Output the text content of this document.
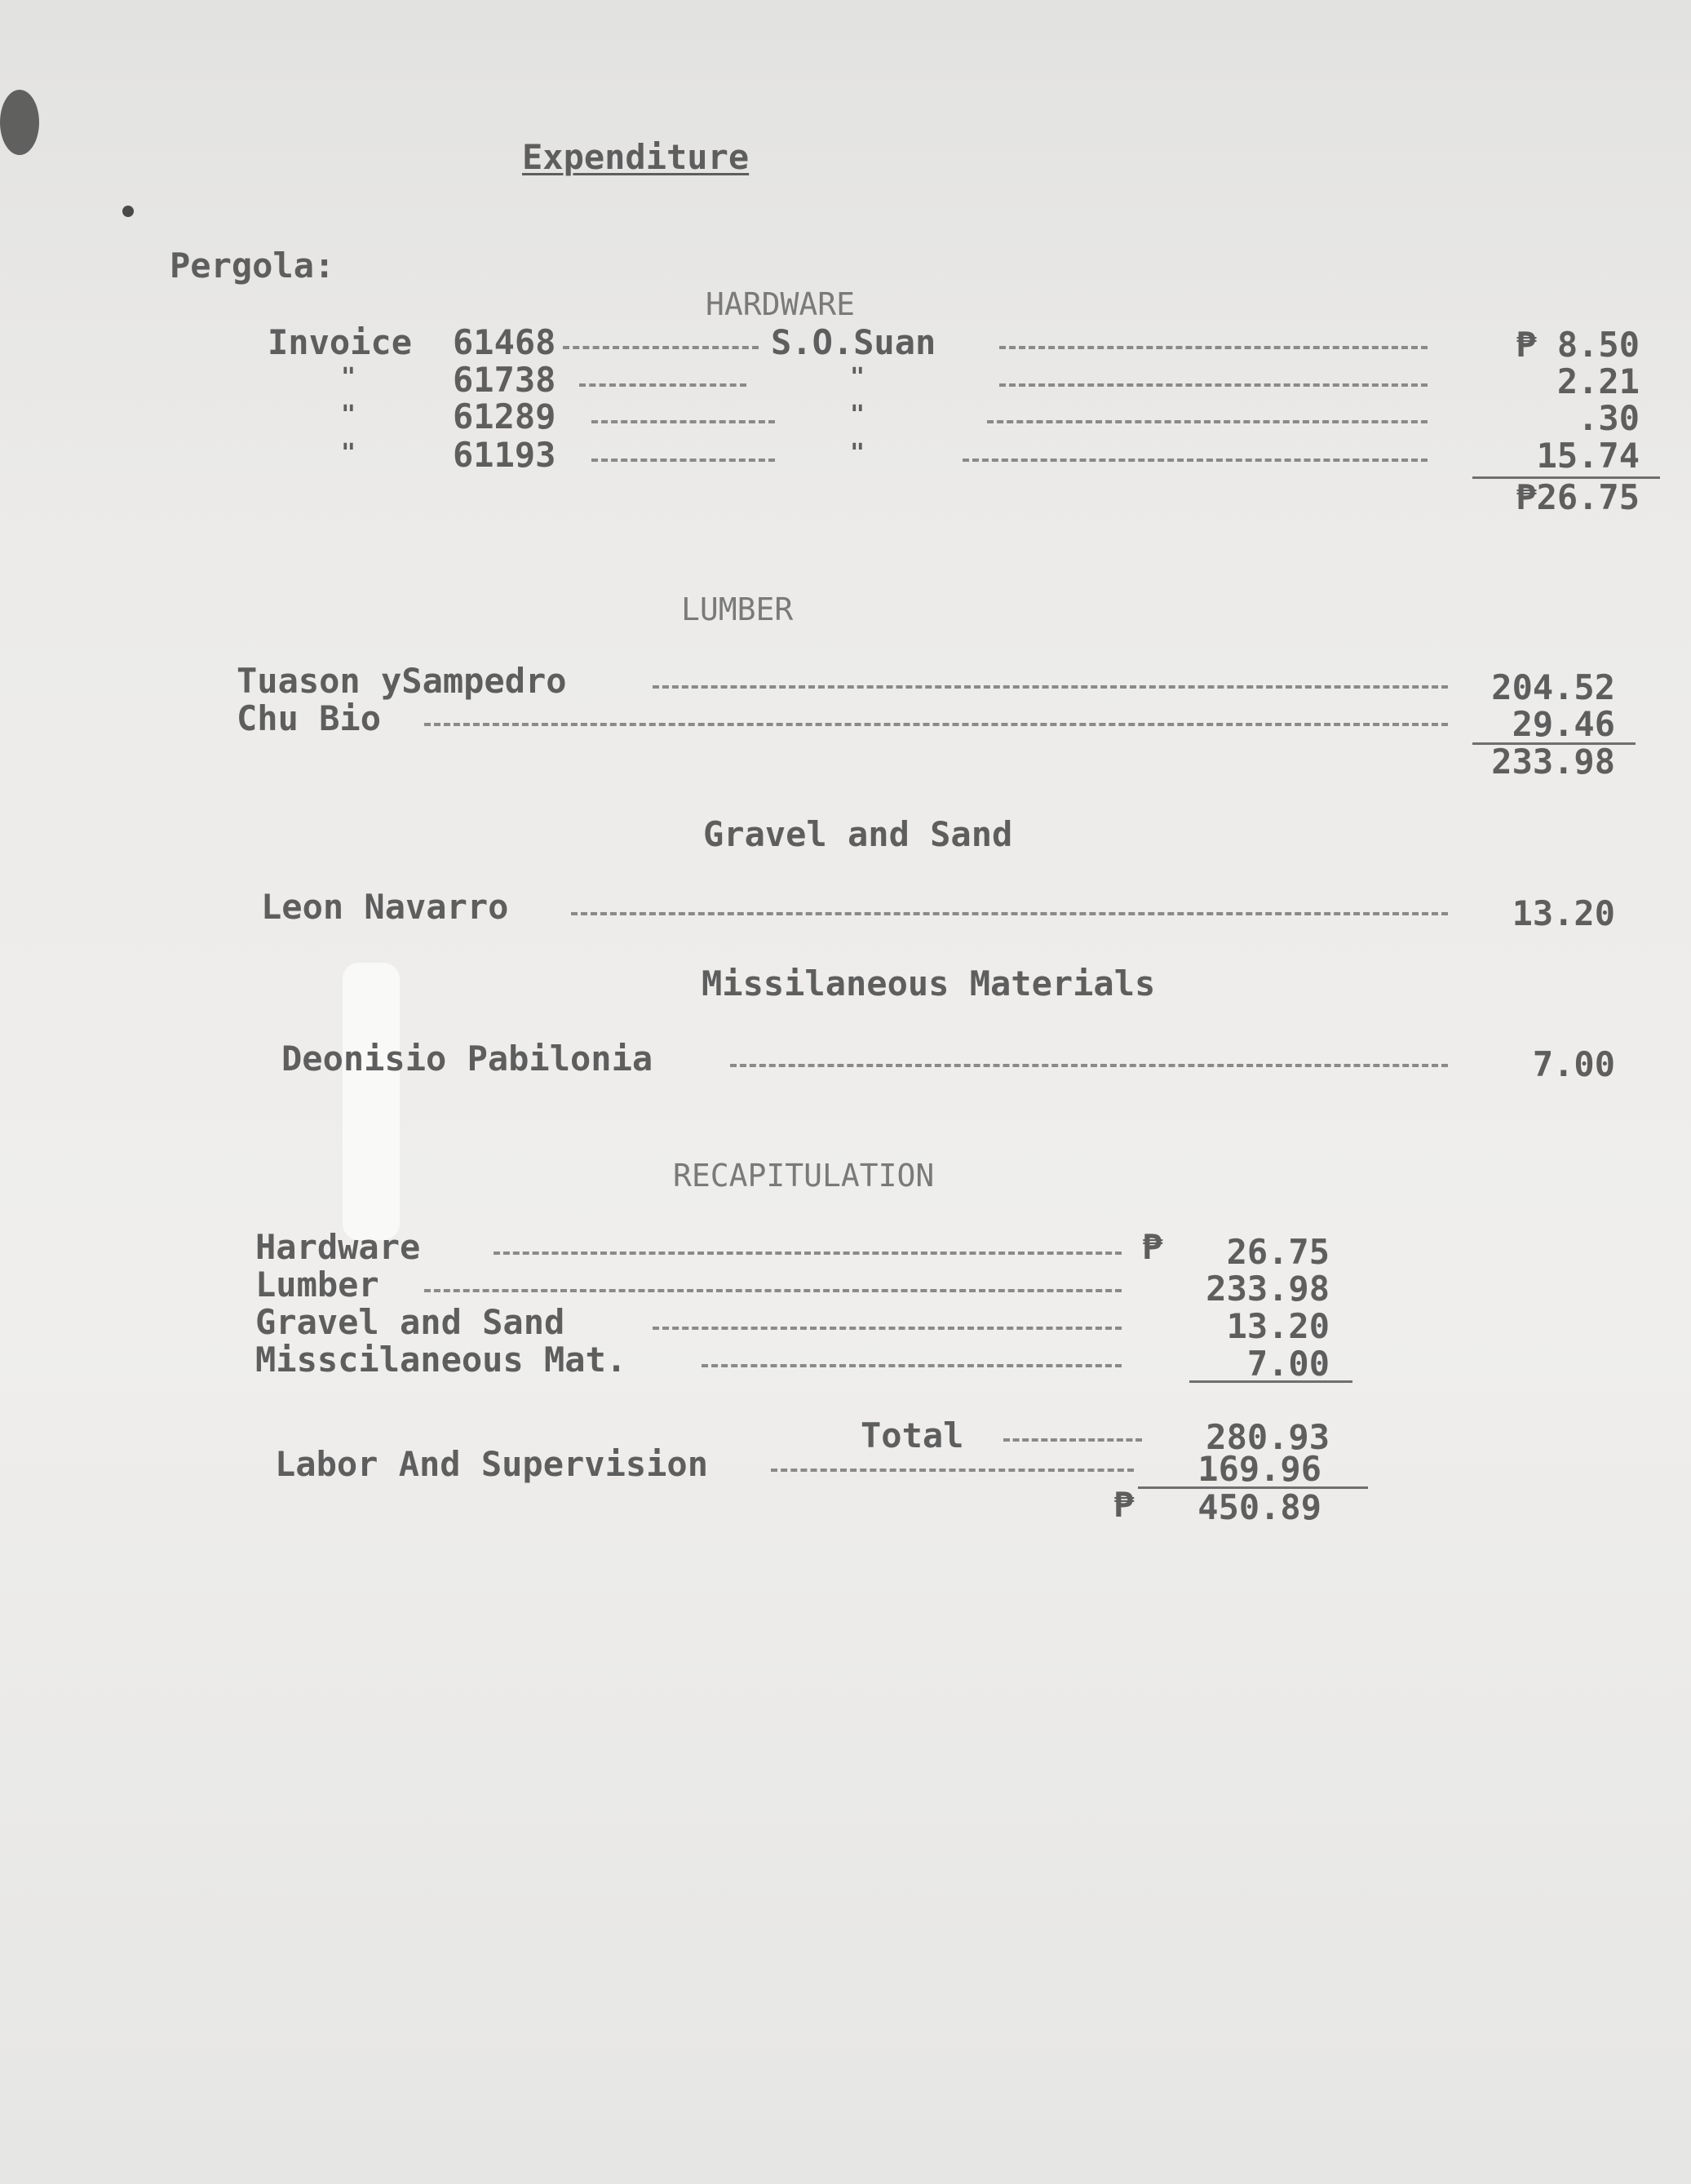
Expenditure
Pergola:
HARDWARE
Invoice 61468	S.O.Suan	₱ 8.50
"	61738	"	2.21
"	61289	"	.30
"	61193	"	15.74
₱26.75
LUMBER
Tuason ySampedro	204.52
Chu Bio	29.46
233.98
Gravel and Sand
Leon Navarro	13.20
Missilaneous Materials
Deonisio Pabilonia	7.00
RECAPITULATION
Hardware	₱	26.75
Lumber	233.98
Gravel and Sand	13.20
Misscilaneous Mat.	7.00
Total	280.93
Labor And Supervision	169.96
₱	450.89
